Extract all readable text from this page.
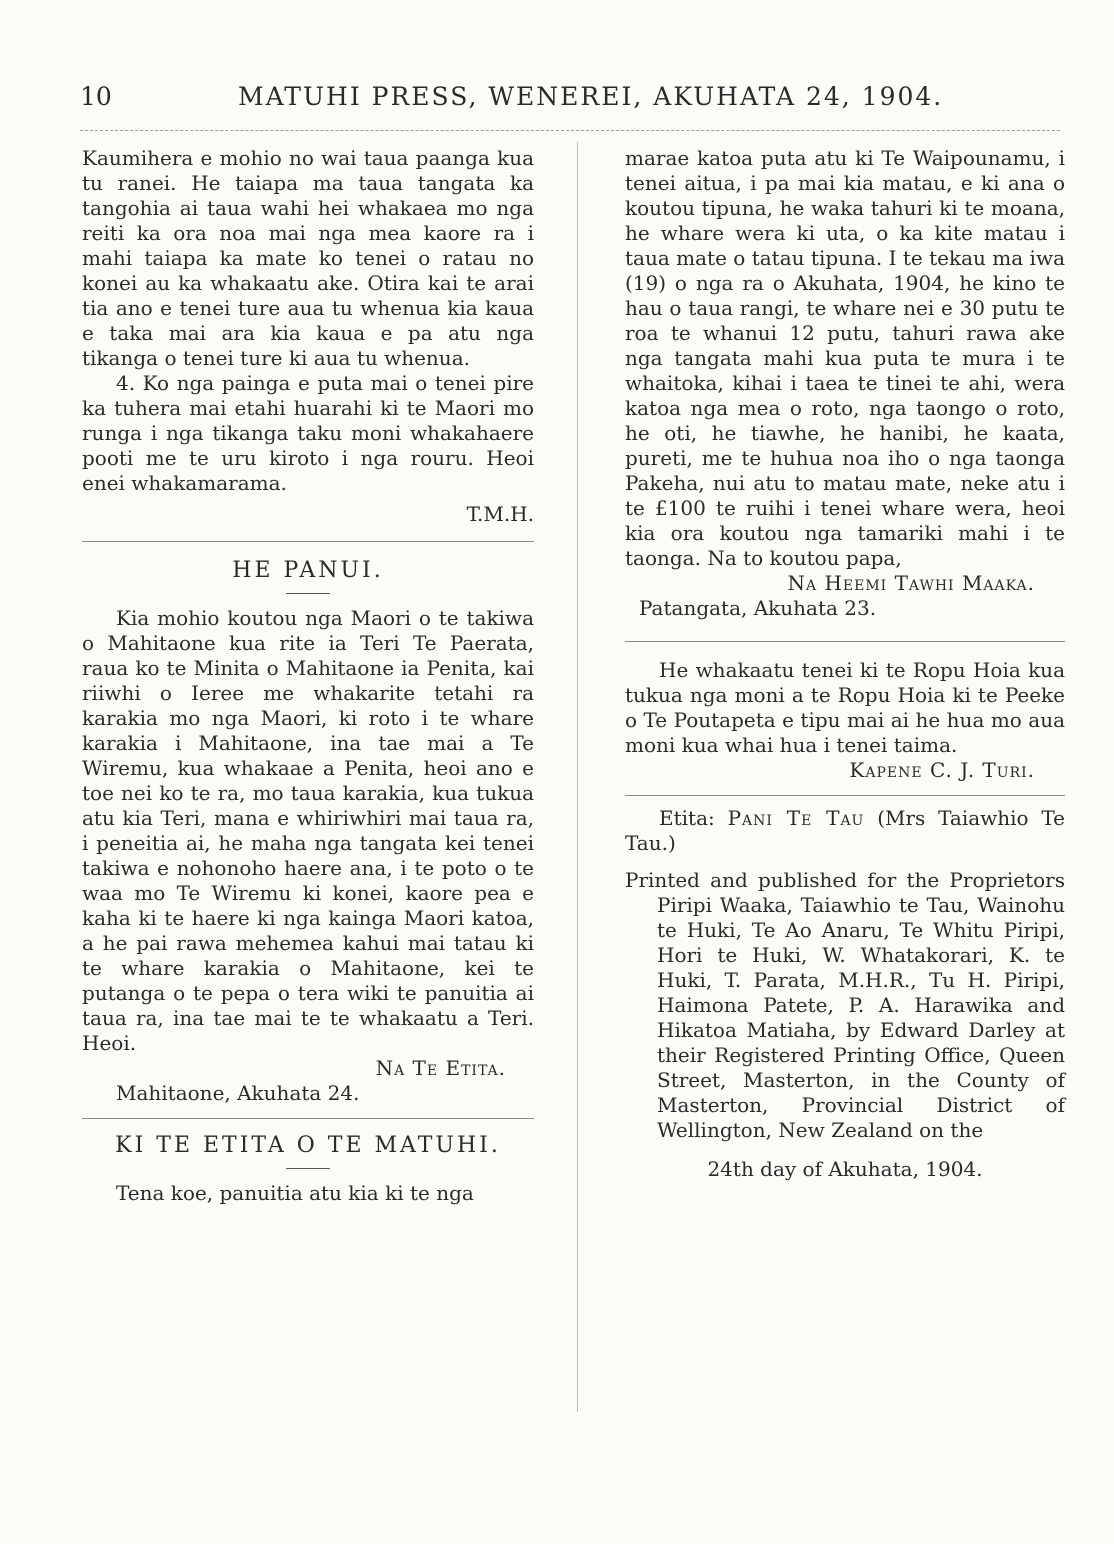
10	MATUHI PRESS, WENEREI, AKUHATA 24, 1904.

Kaumihera e mohio no wai taua paanga kua tu ranei. He taiapa ma taua tangata ka tangohia ai taua wahi hei whakaea mo nga reiti ka ora noa mai nga mea kaore ra i mahi taiapa ka mate ko tenei o ratau no konei au ka whakaatu ake. Otira kai te arai tia ano e tenei ture aua tu whenua kia kaua e taka mai ara kia kaua e pa atu nga tikanga o tenei ture ki aua tu whenua.

4. Ko nga painga e puta mai o tenei pire ka tuhera mai etahi huarahi ki te Maori mo runga i nga tikanga taku moni whakahaere pooti me te uru kiroto i nga rouru. Heoi enei whakamarama.

T.M.H.

HE PANUI.

Kia mohio koutou nga Maori o te takiwa o Mahitaone kua rite ia Teri Te Paerata, raua ko te Minita o Mahitaone ia Penita, kai riiwhi o Ieree me whakarite tetahi ra karakia mo nga Maori, ki roto i te whare karakia i Mahitaone, ina tae mai a Te Wiremu, kua whakaae a Penita, heoi ano e toe nei ko te ra, mo taua karakia, kua tukua atu kia Teri, mana e whiriwhiri mai taua ra, i peneitia ai, he maha nga tangata kei tenei takiwa e nohonoho haere ana, i te poto o te waa mo Te Wiremu ki konei, kaore pea e kaha ki te haere ki nga kainga Maori katoa, a he pai rawa mehemea kahui mai tatau ki te whare karakia o Mahitaone, kei te putanga o te pepa o tera wiki te panuitia ai taua ra, ina tae mai te te whakaatu a Teri. Heoi.

Na Te Etita.

Mahitaone, Akuhata 24.

KI TE ETITA O TE MATUHI.

Tena koe, panuitia atu kia ki te nga

marae katoa puta atu ki Te Waipounamu, i tenei aitua, i pa mai kia matau, e ki ana o koutou tipuna, he waka tahuri ki te moana, he whare wera ki uta, o ka kite matau i taua mate o tatau tipuna. I te tekau ma iwa (19) o nga ra o Akuhata, 1904, he kino te hau o taua rangi, te whare nei e 30 putu te roa te whanui 12 putu, tahuri rawa ake nga tangata mahi kua puta te mura i te whaitoka, kihai i taea te tinei te ahi, wera katoa nga mea o roto, nga taongo o roto, he oti, he tiawhe, he hanibi, he kaata, pureti, me te huhua noa iho o nga taonga Pakeha, nui atu to matau mate, neke atu i te £100 te ruihi i tenei whare wera, heoi kia ora koutou nga tamariki mahi i te taonga. Na to koutou papa,

Na Heemi Tawhi Maaka.

Patangata, Akuhata 23.

He whakaatu tenei ki te Ropu Hoia kua tukua nga moni a te Ropu Hoia ki te Peeke o Te Poutapeta e tipu mai ai he hua mo aua moni kua whai hua i tenei taima.

Kapene C. J. Turi.

Etita: Pani Te Tau (Mrs Taiawhio Te Tau.)

Printed and published for the Proprietors Piripi Waaka, Taiawhio te Tau, Wainohu te Huki, Te Ao Anaru, Te Whitu Piripi, Hori te Huki, W. Whatakorari, K. te Huki, T. Parata, M.H.R., Tu H. Piripi, Haimona Patete, P. A. Harawika and Hikatoa Matiaha, by Edward Darley at their Registered Printing Office, Queen Street, Masterton, in the County of Masterton, Provincial District of Wellington, New Zealand on the

24th day of Akuhata, 1904.
